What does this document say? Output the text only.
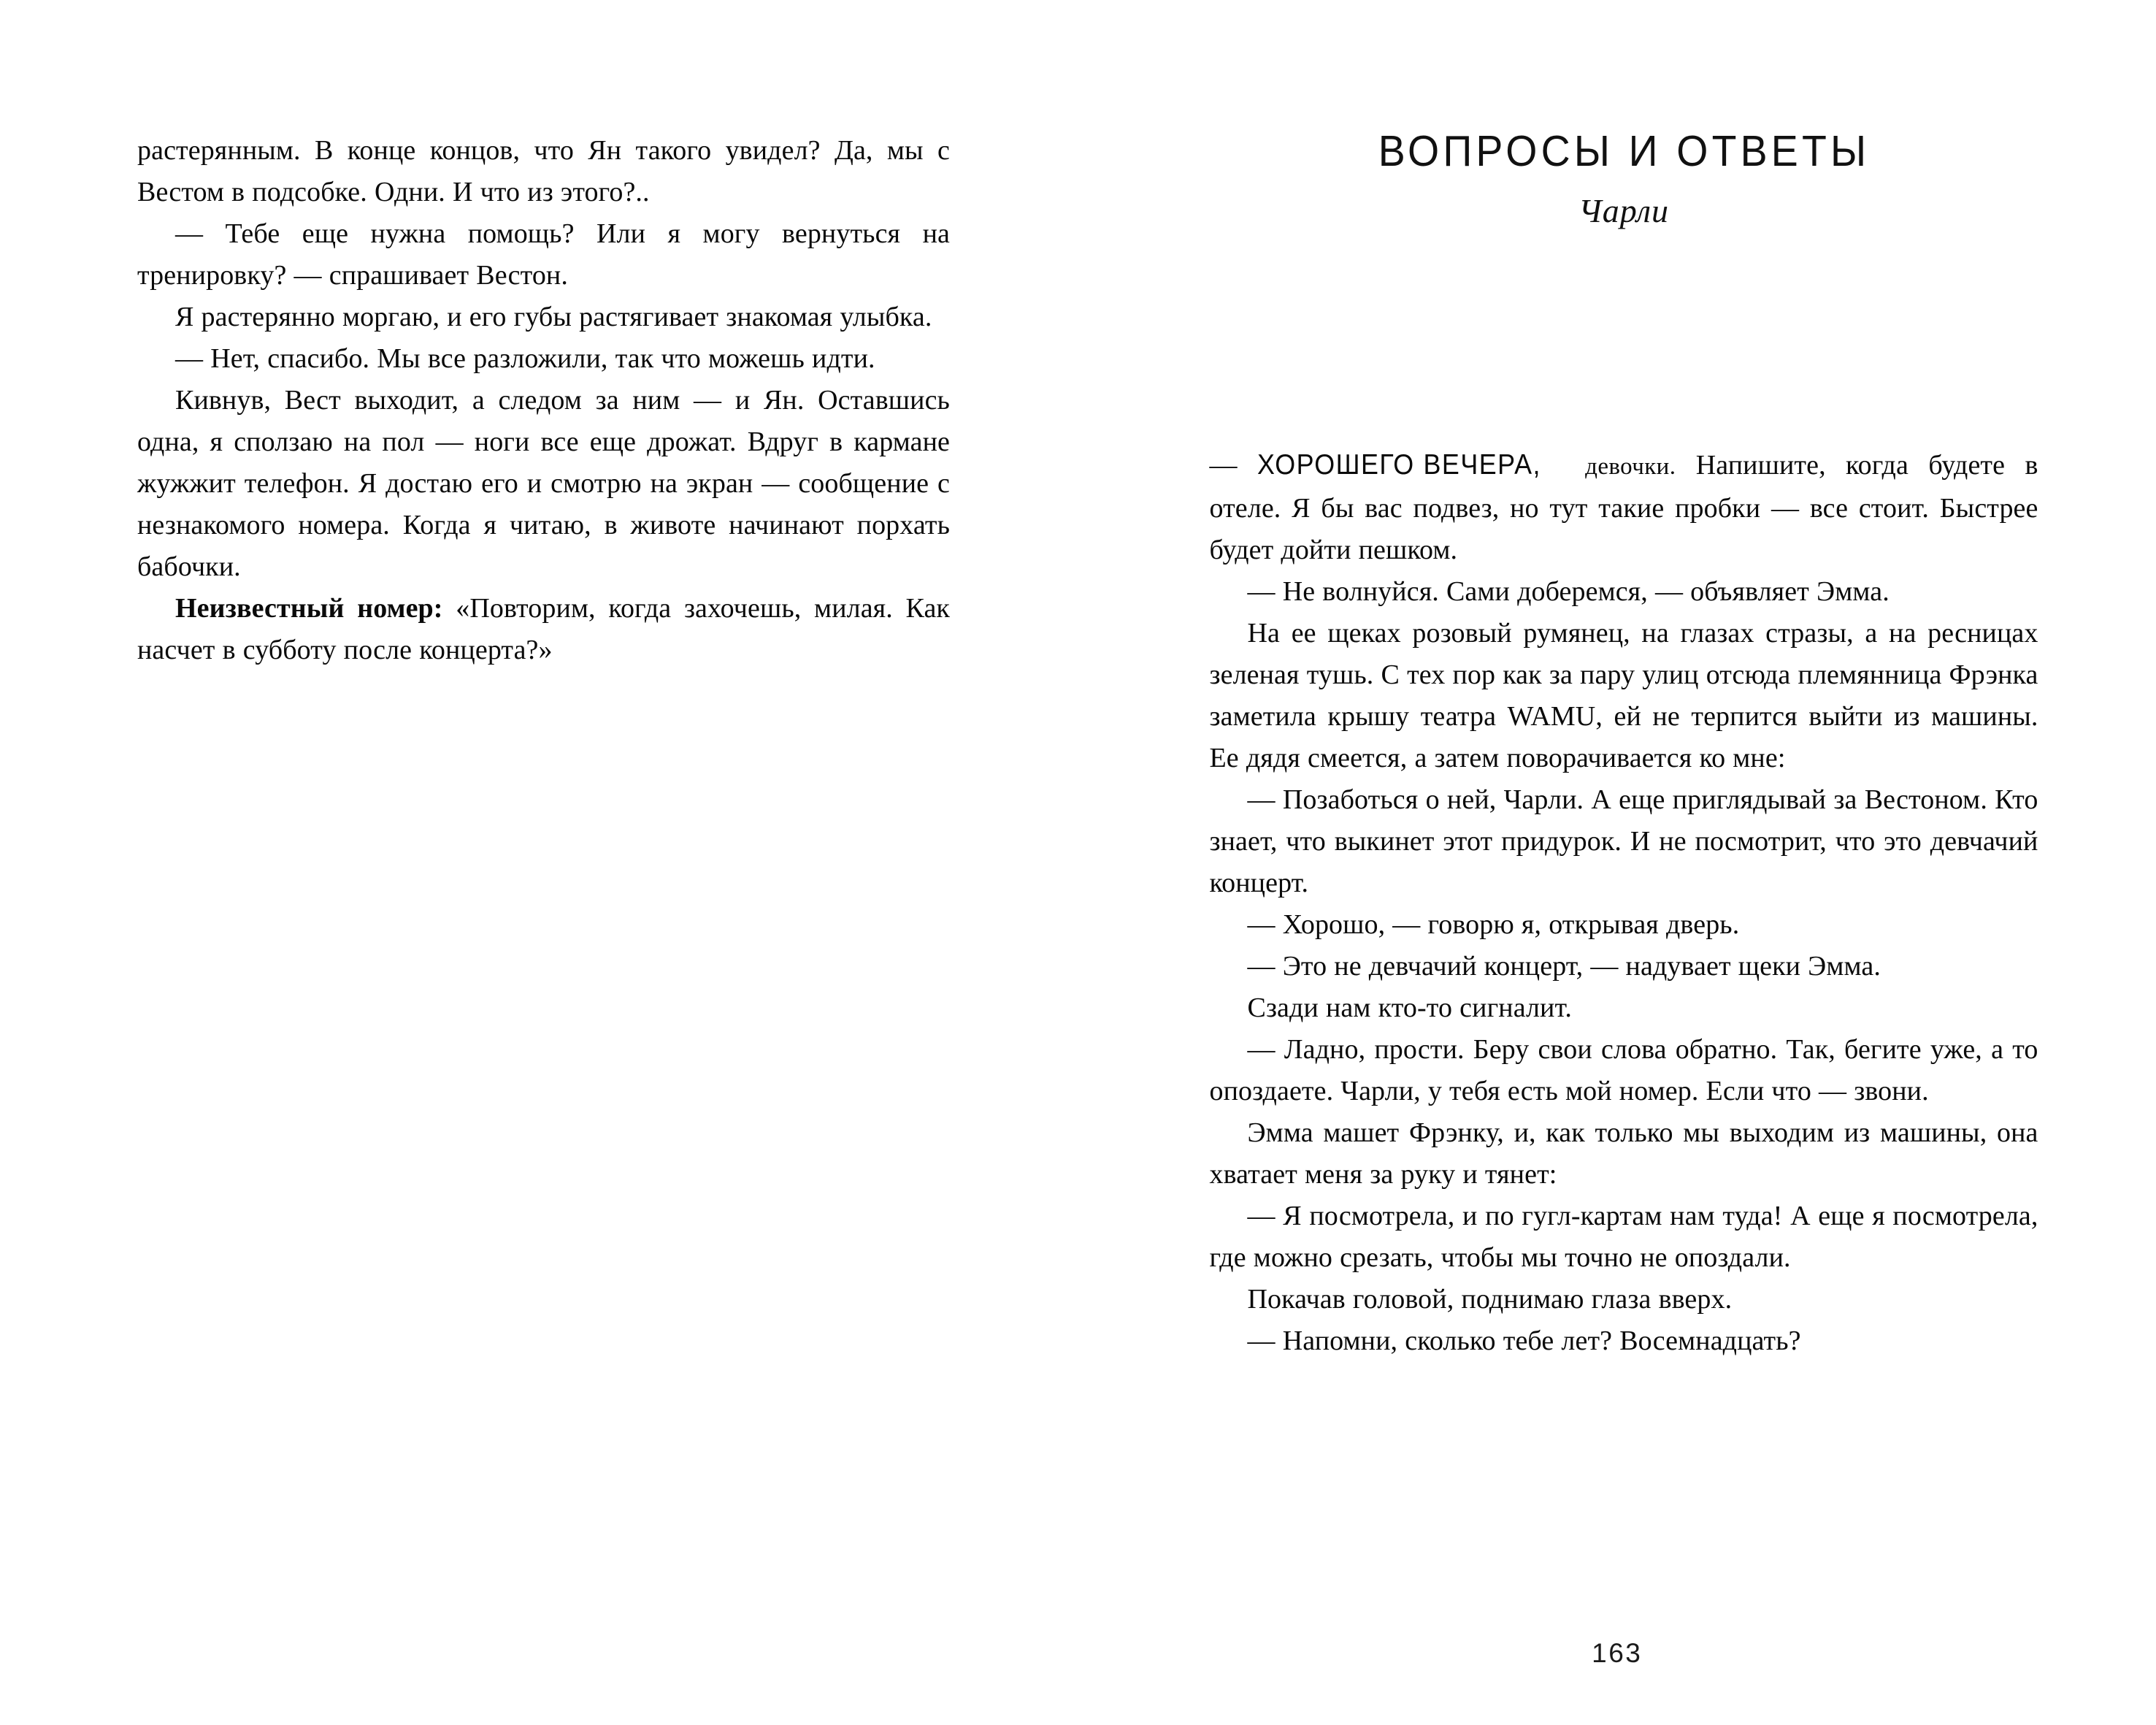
растерянным. В конце концов, что Ян такого увидел? Да, мы с Вестом в подсобке. Одни. И что из этого?..

— Тебе еще нужна помощь? Или я могу вернуться на тренировку? — спрашивает Вестон.

Я растерянно моргаю, и его губы растягивает знакомая улыбка.

— Нет, спасибо. Мы все разложили, так что можешь идти.

Кивнув, Вест выходит, а следом за ним — и Ян. Оставшись одна, я сползаю на пол — ноги все еще дрожат. Вдруг в кармане жужжит телефон. Я достаю его и смотрю на экран — сообщение с незнакомого номера. Когда я читаю, в животе начинают порхать бабочки.

Неизвестный номер: «Повторим, когда захочешь, милая. Как насчет в субботу после концерта?»

ВОПРОСЫ И ОТВЕТЫ
Чарли

— ХОРОШЕГО ВЕЧЕРА, девочки. Напишите, когда будете в отеле. Я бы вас подвез, но тут такие пробки — все стоит. Быстрее будет дойти пешком.

— Не волнуйся. Сами доберемся, — объявляет Эмма.

На ее щеках розовый румянец, на глазах стразы, а на ресницах зеленая тушь. С тех пор как за пару улиц отсюда племянница Фрэнка заметила крышу театра WAMU, ей не терпится выйти из машины. Ее дядя смеется, а затем поворачивается ко мне:

— Позаботься о ней, Чарли. А еще приглядывай за Вестоном. Кто знает, что выкинет этот придурок. И не посмотрит, что это девчачий концерт.

— Хорошо, — говорю я, открывая дверь.

— Это не девчачий концерт, — надувает щеки Эмма.

Сзади нам кто-то сигналит.

— Ладно, прости. Беру свои слова обратно. Так, бегите уже, а то опоздаете. Чарли, у тебя есть мой номер. Если что — звони.

Эмма машет Фрэнку, и, как только мы выходим из машины, она хватает меня за руку и тянет:

— Я посмотрела, и по гугл-картам нам туда! А еще я посмотрела, где можно срезать, чтобы мы точно не опоздали.

Покачав головой, поднимаю глаза вверх.

— Напомни, сколько тебе лет? Восемнадцать?

163
